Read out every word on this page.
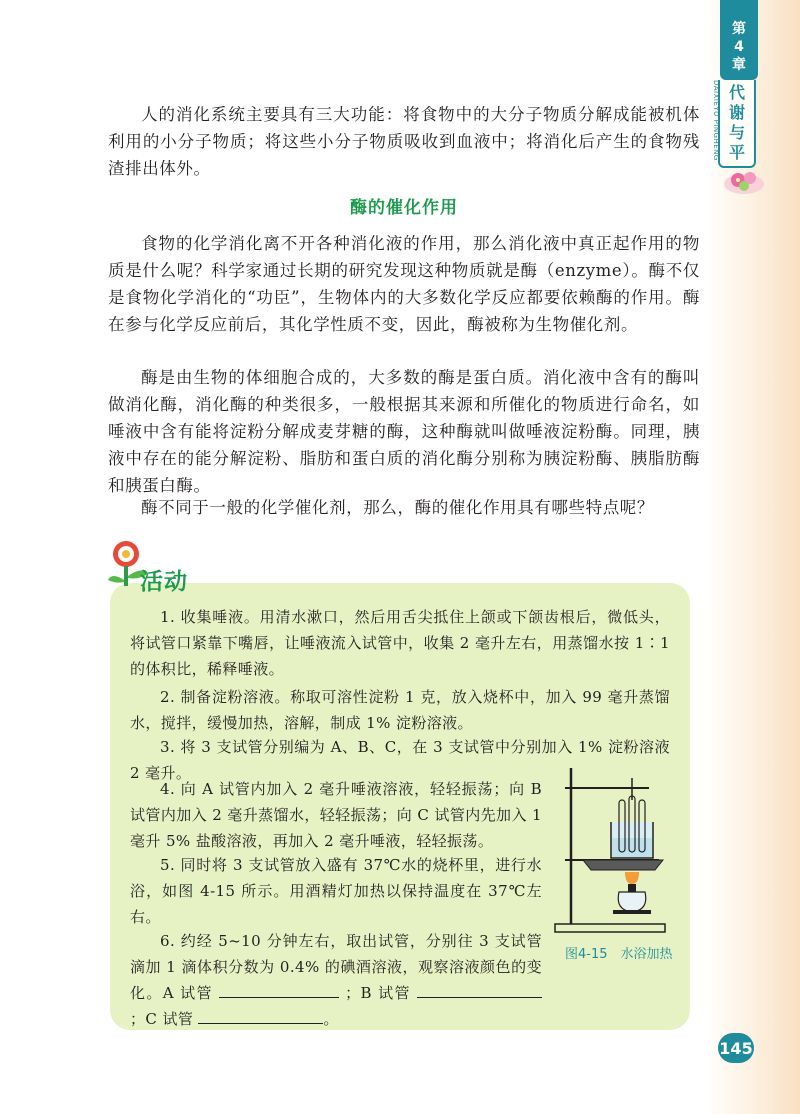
第
4
章
代
谢
与
平
DAIXIEYU PINGHENG

人的消化系统主要具有三大功能：将食物中的大分子物质分解成能被机体利用的小分子物质；将这些小分子物质吸收到血液中；将消化后产生的食物残渣排出体外。

酶的催化作用

食物的化学消化离不开各种消化液的作用，那么消化液中真正起作用的物质是什么呢？科学家通过长期的研究发现这种物质就是酶（enzyme）。酶不仅是食物化学消化的“功臣”，生物体内的大多数化学反应都要依赖酶的作用。酶在参与化学反应前后，其化学性质不变，因此，酶被称为生物催化剂。

酶是由生物的体细胞合成的，大多数的酶是蛋白质。消化液中含有的酶叫做消化酶，消化酶的种类很多，一般根据其来源和所催化的物质进行命名，如唾液中含有能将淀粉分解成麦芽糖的酶，这种酶就叫做唾液淀粉酶。同理，胰液中存在的能分解淀粉、脂肪和蛋白质的消化酶分别称为胰淀粉酶、胰脂肪酶和胰蛋白酶。

酶不同于一般的化学催化剂，那么，酶的催化作用具有哪些特点呢？

活动

1. 收集唾液。用清水漱口，然后用舌尖抵住上颌或下颌齿根后，微低头，将试管口紧靠下嘴唇，让唾液流入试管中，收集 2 毫升左右，用蒸馏水按 1∶1 的体积比，稀释唾液。

2. 制备淀粉溶液。称取可溶性淀粉 1 克，放入烧杯中，加入 99 毫升蒸馏水，搅拌，缓慢加热，溶解，制成 1% 淀粉溶液。

3. 将 3 支试管分别编为 A、B、C，在 3 支试管中分别加入 1% 淀粉溶液 2 毫升。

4. 向 A 试管内加入 2 毫升唾液溶液，轻轻振荡；向 B 试管内加入 2 毫升蒸馏水，轻轻振荡；向 C 试管内先加入 1 毫升 5% 盐酸溶液，再加入 2 毫升唾液，轻轻振荡。

5. 同时将 3 支试管放入盛有 37℃水的烧杯里，进行水浴，如图 4-15 所示。用酒精灯加热以保持温度在 37℃左右。

6. 约经 5~10 分钟左右，取出试管，分别往 3 支试管滴加 1 滴体积分数为 0.4% 的碘酒溶液，观察溶液颜色的变化。A 试管	；B 试管  ；C 试管	。

图4-15　水浴加热
145
